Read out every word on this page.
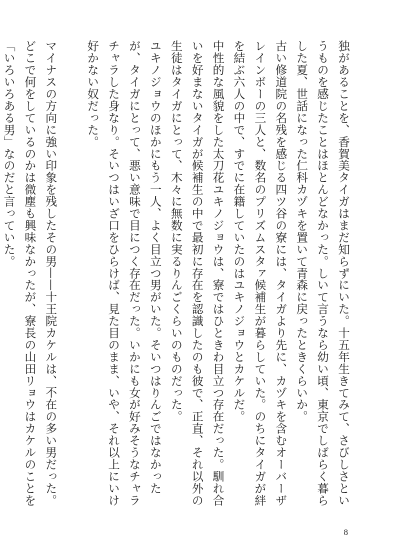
独があることを、香賀美タイガはまだ知らずにいた。十五年生きてみて、さびしさというものを感じたことはほとんどなかった。しいて言うなら幼い頃、東京でしばらく暮らした夏、世話になった仁科カヅキを置いて青森に戻ったときくらいか。

古い修道院の名残を感じる四ツ谷の寮には、タイガより先に、カヅキを含むオーバーザレインボーの三人と、数名のプリズムスタァ候補生が暮らしていた。のちにタイガが絆を結ぶ六人の中で、すでに在籍していたのはユキノジョウとカケルだ。

中性的な風貌をした太刀花ユキノジョウは、寮ではひときわ目立つ存在だった。馴れ合いを好まないタイガが候補生の中で最初に存在を認識したのも彼で、正直、それ以外の生徒はタイガにとって、木々に無数に実るりんごくらいのものだった。

ユキノジョウのほかにもう一人、よく目立つ男がいた。そいつはりんごではなかったが、タイガにとって、悪い意味で目につく存在だった。いかにも女が好みそうなチャラチャラした身なり。そいつはいざ口をひらけば、見た目のまま、いや、それ以上にいけ好かない奴だった。

マイナスの方向に強い印象を残したその男——十王院カケルは、不在の多い男だった。どこで何をしているのかは微塵も興味なかったが、寮長の山田リョウはカケルのことを「いろいろある男」なのだと言っていた。

8
